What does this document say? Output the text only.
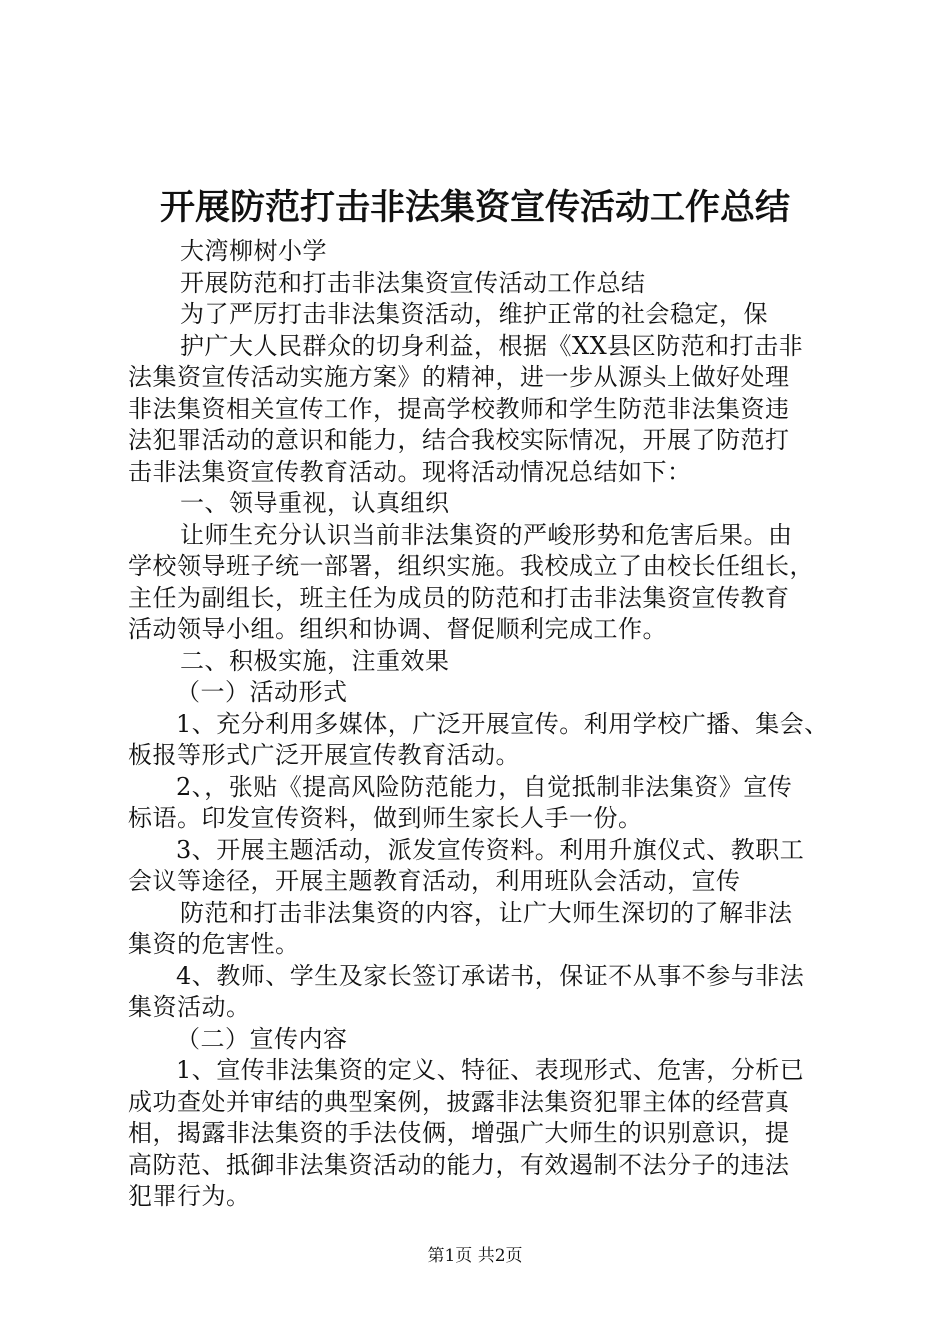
开展防范打击非法集资宣传活动工作总结
大湾柳树小学
开展防范和打击非法集资宣传活动工作总结
为了严厉打击非法集资活动，维护正常的社会稳定，保
护广大人民群众的切身利益，根据《XX县区防范和打击非
法集资宣传活动实施方案》的精神，进一步从源头上做好处理
非法集资相关宣传工作，提高学校教师和学生防范非法集资违
法犯罪活动的意识和能力，结合我校实际情况，开展了防范打
击非法集资宣传教育活动。现将活动情况总结如下：
一、领导重视，认真组织
让师生充分认识当前非法集资的严峻形势和危害后果。由
学校领导班子统一部署，组织实施。我校成立了由校长任组长，
主任为副组长，班主任为成员的防范和打击非法集资宣传教育
活动领导小组。组织和协调、督促顺利完成工作。
二、积极实施，注重效果
（一）活动形式
1、充分利用多媒体，广泛开展宣传。利用学校广播、集会、
板报等形式广泛开展宣传教育活动。
2、，张贴《提高风险防范能力，自觉抵制非法集资》宣传
标语。印发宣传资料，做到师生家长人手一份。
3、开展主题活动，派发宣传资料。利用升旗仪式、教职工
会议等途径，开展主题教育活动，利用班队会活动，宣传
防范和打击非法集资的内容，让广大师生深切的了解非法
集资的危害性。
4、教师、学生及家长签订承诺书，保证不从事不参与非法
集资活动。
（二）宣传内容
1、宣传非法集资的定义、特征、表现形式、危害，分析已
成功查处并审结的典型案例，披露非法集资犯罪主体的经营真
相，揭露非法集资的手法伎俩，增强广大师生的识别意识，提
高防范、抵御非法集资活动的能力，有效遏制不法分子的违法
犯罪行为。
第1页 共2页
